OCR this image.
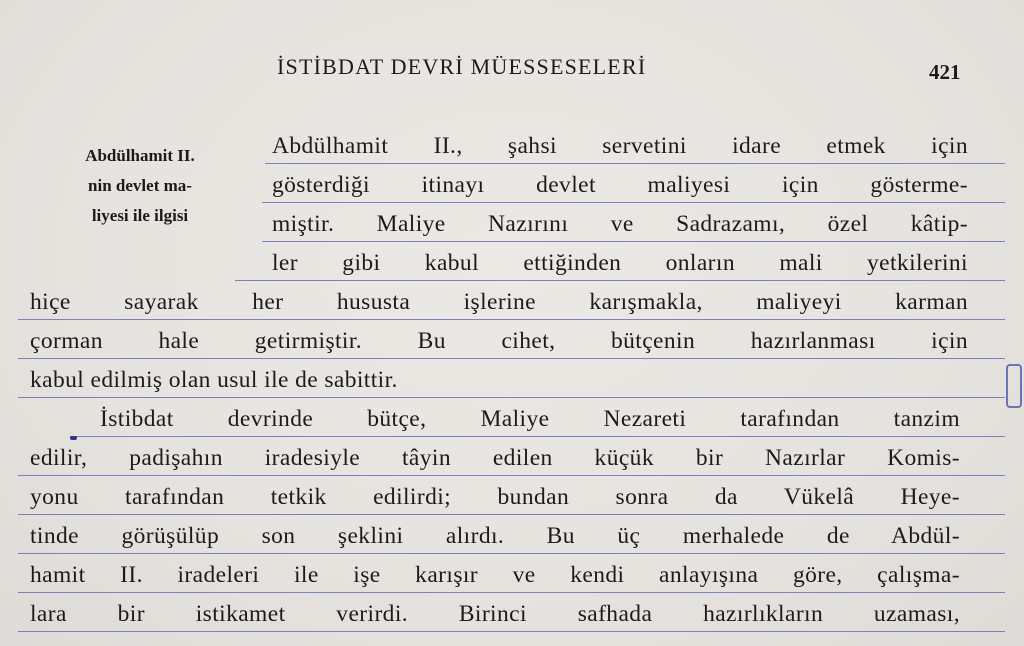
İSTİBDAT DEVRİ MÜESSESELERİ	421
Abdülhamit II.
nin devlet ma-
liyesi ile ilgisi
Abdülhamit II., şahsi servetini idare etmek için
gösterdiği itinayı devlet maliyesi için gösterme-
miştir. Maliye Nazırını ve Sadrazamı, özel kâtip-
ler gibi kabul ettiğinden onların mali yetkilerini
hiçe sayarak her hususta işlerine karışmakla, maliyeyi karman
çorman hale getirmiştir. Bu cihet, bütçenin hazırlanması için
kabul edilmiş olan usul ile de sabittir.
İstibdat devrinde bütçe, Maliye Nezareti tarafından tanzim
edilir, padişahın iradesiyle tâyin edilen küçük bir Nazırlar Komis-
yonu tarafından tetkik edilirdi; bundan sonra da Vükelâ Heye-
tinde görüşülüp son şeklini alırdı. Bu üç merhalede de Abdül-
hamit II. iradeleri ile işe karışır ve kendi anlayışına göre, çalışma-
lara bir istikamet verirdi. Birinci safhada hazırlıkların uzaması,
